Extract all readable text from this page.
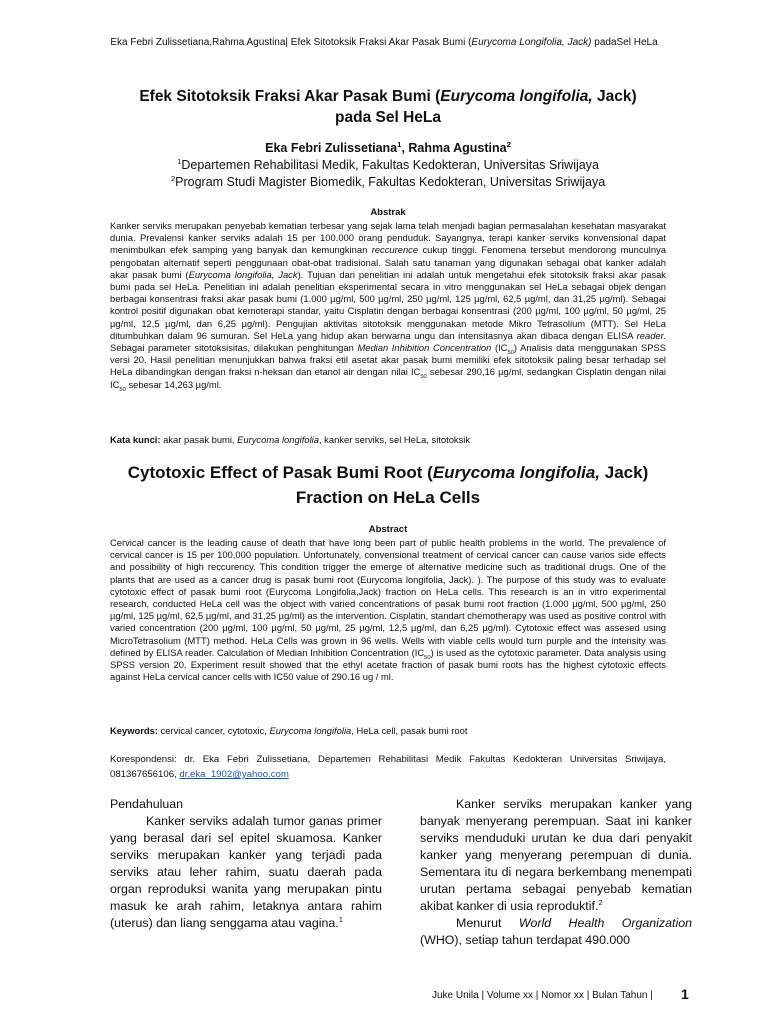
Eka Febri Zulissetiana,Rahma Agustina| Efek Sitotoksik Fraksi Akar Pasak Bumi (Eurycoma Longifolia, Jack) padaSel HeLa
Efek Sitotoksik Fraksi Akar Pasak Bumi (Eurycoma longifolia, Jack)
pada Sel HeLa
Eka Febri Zulissetiana$^1$, Rahma Agustina$^2$
$^1$Departemen Rehabilitasi Medik, Fakultas Kedokteran, Universitas Sriwijaya
$^2$Program Studi Magister Biomedik, Fakultas Kedokteran, Universitas Sriwijaya
Abstrak

Kanker serviks merupakan penyebab kematian terbesar yang sejak lama telah menjadi bagian permasalahan kesehatan masyarakat dunia. Prevalensi kanker serviks adalah 15 per 100.000 orang penduduk. Sayangnya, terapi kanker serviks konvensional dapat menimbulkan efek samping yang banyak dan kemungkinan reccurence cukup tinggi. Fenomena tersebut mendorong munculnya pengobatan alternatif seperti penggunaan obat-obat tradisional. Salah satu tanaman yang digunakan sebagai obat kanker adalah akar pasak bumi (Eurycoma longifolia, Jack). Tujuan dari penelitian ini adalah untuk mengetahui efek sitotoksik fraksi akar pasak bumi pada sel HeLa. Penelitian ini adalah penelitian eksperimental secara in vitro menggunakan sel HeLa sebagai objek dengan berbagai konsentrasi fraksi akar pasak bumi (1.000 µg/ml, 500 µg/ml, 250 µg/ml, 125 µg/ml, 62,5 µg/ml, dan 31,25 µg/ml). Sebagai kontrol positif digunakan obat kemoterapi standar, yaitu Cisplatin dengan berbagai konsentrasi (200 µg/ml, 100 µg/ml, 50 µg/ml, 25 µg/ml, 12,5 µg/ml, dan 6,25 µg/ml). Pengujian aktivitas sitotoksik menggunakan metode Mikro Tetrasolium (MTT). Sel HeLa ditumbuhkan dalam 96 sumuran. Sel HeLa yang hidup akan berwarna ungu dan intensitasnya akan dibaca dengan ELISA reader. Sebagai parameter sitotoksisitas, dilakukan penghitungan Median Inhibition Concentration $(IC_{50})$ Analisis data menggunakan SPSS versi 20. Hasil penelitian menunjukkan bahwa fraksi etil asetat akar pasak bumi memiliki efek sitotoksik paling besar terhadap sel HeLa dibandingkan dengan fraksi n-heksan dan etanol air dengan nilai $IC_{50}$ sebesar 290,16 µg/ml, sedangkan Cisplatin dengan nilai $IC_{50}$ sebesar 14,263 µg/ml.

Kata kunci: akar pasak bumi, Eurycoma longifolia, kanker serviks, sel HeLa, sitotoksik
Cytotoxic Effect of Pasak Bumi Root (Eurycoma longifolia, Jack)
Fraction on HeLa Cells
Abstract

Cervical cancer is the leading cause of death that have long been part of public health problems in the world. The prevalence of cervical cancer is 15 per 100,000 population. Unfortunately, convensional treatment of cervical cancer can cause varios side effects and possibility of high reccurency. This condition trigger the emerge of alternative medicine such as traditional drugs. One of the plants that are used as a cancer drug is pasak bumi root (Eurycoma longifolia, Jack). ). The purpose of this study was to evaluate cytotoxic effect of pasak bumi root (Eurycoma Longifolia,Jack) fraction on HeLa cells. This research is an in vitro experimental research, conducted HeLa cell was the object with varied concentrations of pasak bumi root fraction (1.000 µg/ml, 500 µg/ml, 250 µg/ml, 125 µg/ml, 62,5 µg/ml, and 31,25 µg/ml) as the intervention. Cisplatin, standart chemotherapy was used as positive control with varied concentration (200 µg/ml, 100 µg/ml, 50 µg/ml, 25 µg/ml, 12,5 µg/ml, dan 6,25 µg/ml). Cytotoxic effect was assesed using MicroTetrasolium (MTT) method. HeLa Cells was grown in 96 wells. Wells with viable cells would turn purple and the intensity was defined by ELISA reader. Calculation of Median Inhibition Concentration $(IC_{50})$ is used as the cytotoxic parameter. Data analysis using SPSS version 20. Experiment result showed that the ethyl acetate fraction of pasak bumi roots has the highest cytotoxic effects against HeLa cervical cancer cells with IC50 value of 290.16 ug / ml.

Keywords: cervical cancer, cytotoxic, Eurycoma longifolia, HeLa cell, pasak bumi root
Korespondensi: dr. Eka Febri Zulissetiana, Departemen Rehabilitasi Medik Fakultas Kedokteran Universitas Sriwijaya, 081367656106, dr.eka_1902@yahoo.com

Pendahuluan

Kanker serviks adalah tumor ganas primer yang berasal dari sel epitel skuamosa. Kanker serviks merupakan kanker yang terjadi pada serviks atau leher rahim, suatu daerah pada organ reproduksi wanita yang merupakan pintu masuk ke arah rahim, letaknya antara rahim (uterus) dan liang senggama atau vagina.$^1$

Kanker serviks merupakan kanker yang banyak menyerang perempuan. Saat ini kanker serviks menduduki urutan ke dua dari penyakit kanker yang menyerang perempuan di dunia. Sementara itu di negara berkembang menempati urutan pertama sebagai penyebab kematian akibat kanker di usia reproduktif.$^2$

Menurut World Health Organization (WHO), setiap tahun terdapat 490.000

Juke Unila | Volume xx | Nomor xx | Bulan Tahun | 1
